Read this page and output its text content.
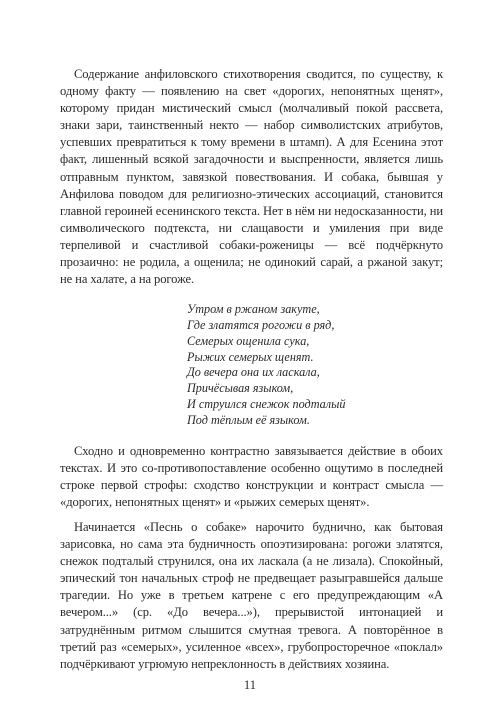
Содержание анфиловского стихотворения сводится, по существу, к одному факту — появлению на свет «дорогих, непонятных щенят», которому придан мистический смысл (молчаливый покой рассвета, знаки зари, таинственный некто — набор символистских атрибутов, успевших превратиться к тому времени в штамп). А для Есенина этот факт, лишенный всякой загадочности и выспренности, является лишь отправным пунктом, завязкой повествования. И собака, бывшая у Анфилова поводом для религиозно-этических ассоциаций, становится главной героиней есенинского текста. Нет в нём ни недосказанности, ни символического подтекста, ни слащавости и умиления при виде терпеливой и счастливой собаки-роженицы — всё подчёркнуто прозаично: не родила, а ощенила; не одинокий сарай, а ржаной закут; не на халате, а на рогоже.

Утром в ржаном закуте,
Где златятся рогожи в ряд,
Семерых ощенила сука,
Рыжих семерых щенят.
До вечера она их ласкала,
Причёсывая языком,
И струился снежок подталый
Под тёплым её языком.

Сходно и одновременно контрастно завязывается действие в обоих текстах. И это со-противопоставление особенно ощутимо в последней строке первой строфы: сходство конструкции и контраст смысла — «дорогих, непонятных щенят» и «рыжих семерых щенят».

Начинается «Песнь о собаке» нарочито буднично, как бытовая зарисовка, но сама эта будничность опоэтизирована: рогожи златятся, снежок подталый струнился, она их ласкала (а не лизала). Спокойный, эпический тон начальных строф не предвещает разыгравшейся дальше трагедии. Но уже в третьем катрене с его предупреждающим «А вечером...» (ср. «До вечера...»), прерывистой интонацией и затруднённым ритмом слышится смутная тревога. А повторённое в третий раз «семерых», усиленное «всех», грубопросторечное «поклал» подчёркивают угрюмую непреклонность в действиях хозяина.

11
